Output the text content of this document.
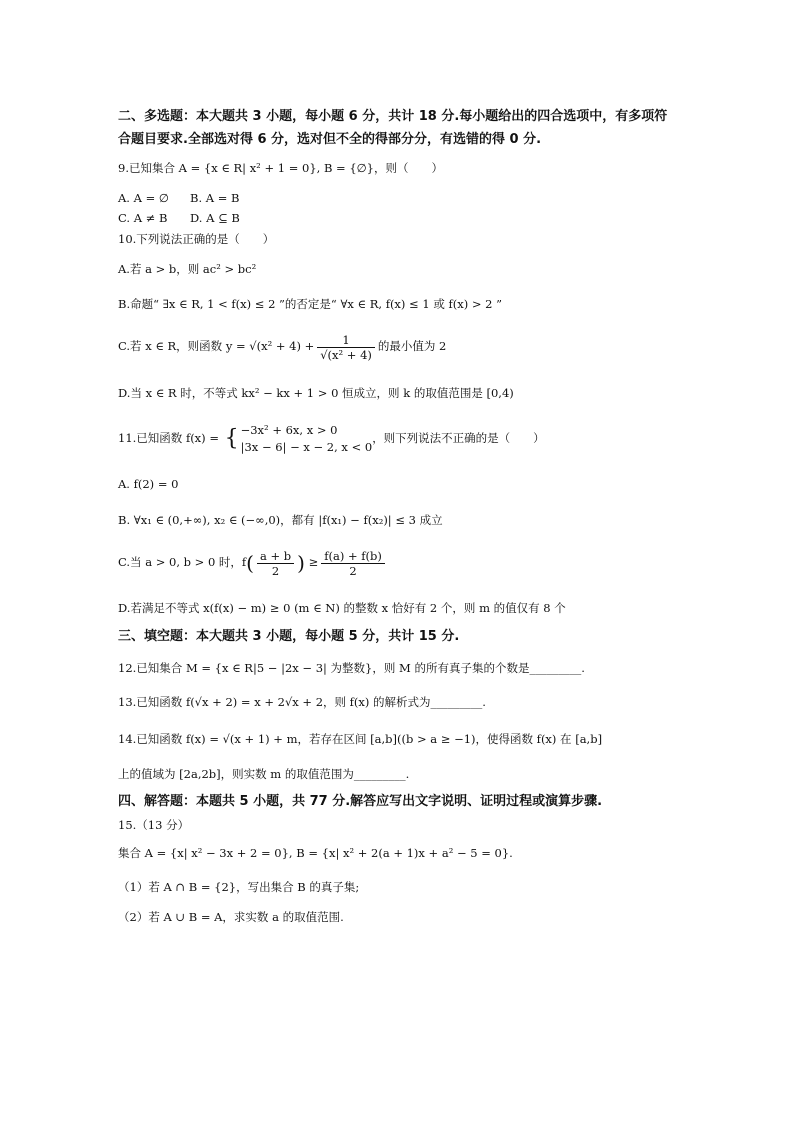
二、多选题：本大题共 3 小题，每小题 6 分，共计 18 分.每小题给出的四合选项中，有多项符
合题目要求.全部选对得 6 分，选对但不全的得部分分，有选错的得 0 分.
9.已知集合 A = {x ∈ R| x² + 1 = 0}, B = {∅}，则（　　）
A. A = ∅ B. A = B
C. A ≠ B D. A ⊆ B
10.下列说法正确的是（　　）
A.若 a > b，则 ac² > bc²
B.命题“ ∃x ∈ R, 1 < f(x) ≤ 2 ”的否定是“ ∀x ∈ R, f(x) ≤ 1 或 f(x) > 2 ”
C.若 x ∈ R，则函数 $y = √(x^2 + 4) + \frac{1}{\text{√(x² + 4)}}$ 的最小值为 2
D.当 x ∈ R 时，不等式 kx² − kx + 1 > 0 恒成立，则 k 的取值范围是 [0,4)
11.已知函数 f(x) = { −3x² + 6x, x > 0
|3x − 6| − x − 2, x < 0
，则下列说法不正确的是（　　）
A. f(2) = 0
B. ∀x₁ ∈ (0,+∞), x₂ ∈ (−∞,0)，都有 |f(x₁) − f(x₂)| ≤ 3 成立
C.当 a > 0, b > 0 时，$f( \frac{a + b}{2}$ ) ≥ $\frac{f(a) + f(b)}{2}$
D.若满足不等式 x(f(x) − m) ≥ 0 (m ∈ N) 的整数 x 恰好有 2 个，则 m 的值仅有 8 个
三、填空题：本大题共 3 小题，每小题 5 分，共计 15 分.
12.已知集合 M = {x ∈ R|5 − |2x − 3| 为整数}，则 M 的所有真子集的个数是_________.
13.已知函数 f(√x + 2) = x + 2√x + 2，则 f(x) 的解析式为_________.
14.已知函数 f(x) = √(x + 1) + m，若存在区间 [a,b]((b > a ≥ −1)，使得函数 f(x) 在 [a,b]
上的值域为 [2a,2b]，则实数 m 的取值范围为_________.
四、解答题：本题共 5 小题，共 77 分.解答应写出文字说明、证明过程或演算步骤.
15.（13 分）
集合 A = {x| x² − 3x + 2 = 0}, B = {x| x² + 2(a + 1)x + a² − 5 = 0}.
（1）若 A ∩ B = {2}，写出集合 B 的真子集;
（2）若 A ∪ B = A，求实数 a 的取值范围.
